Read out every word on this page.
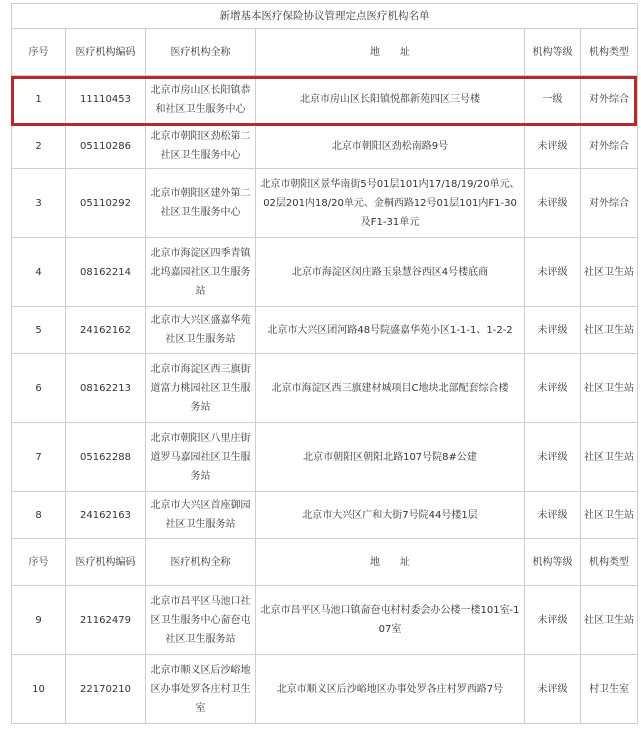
新增基本医疗保险协议管理定点医疗机构名单					
序号	医疗机构编码	医疗机构全称	地　　址	机构等级	机构类型
1	11110453	北京市房山区长阳镇恭和社区卫生服务中心	北京市房山区长阳镇悦都新苑四区三号楼	一级	对外综合
2	05110286	北京市朝阳区劲松第二社区卫生服务中心	北京市朝阳区劲松南路9号	未评级	对外综合
3	05110292	北京市朝阳区建外第二社区卫生服务中心	北京市朝阳区景华南街5号01层101内17/18/19/20单元、02层201内18/20单元、金桐西路12号01层101内F1-30及F1-31单元	未评级	对外综合
4	08162214	北京市海淀区四季青镇北坞嘉园社区卫生服务站	北京市海淀区闵庄路玉泉慧谷西区4号楼底商	未评级	社区卫生站
5	24162162	北京市大兴区盛嘉华苑社区卫生服务站	北京市大兴区团河路48号院盛嘉华苑小区1-1-1、1-2-2	未评级	社区卫生站
6	08162213	北京市海淀区西三旗街道富力桃园社区卫生服务站	北京市海淀区西三旗建材城项目C地块北部配套综合楼	未评级	社区卫生站
7	05162288	北京市朝阳区八里庄街道罗马嘉园社区卫生服务站	北京市朝阳区朝阳北路107号院8#公建	未评级	社区卫生站
8	24162163	北京市大兴区首座御园社区卫生服务站	北京市大兴区广和大街7号院44号楼1层	未评级	社区卫生站
序号	医疗机构编码	医疗机构全称	地　　址	机构等级	机构类型
9	21162479	北京市昌平区马池口社区卫生服务中心奤夿屯社区卫生服务站	北京市昌平区马池口镇奤夿屯村村委会办公楼一楼101室-107室	未评级	社区卫生站
10	22170210	北京市顺义区后沙峪地区办事处罗各庄村卫生室	北京市顺义区后沙峪地区办事处罗各庄村罗西路7号	未评级	村卫生室
